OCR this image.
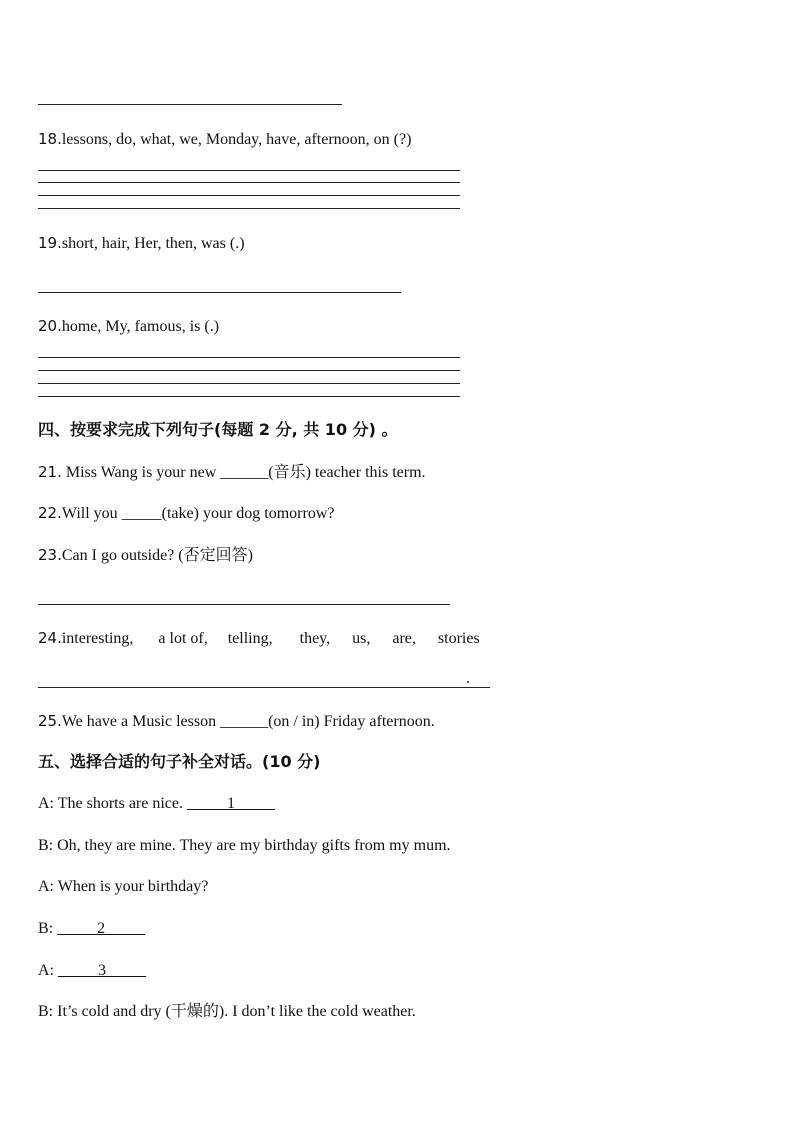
18.lessons, do, what, we, Monday, have, afternoon, on (?)
19.short, hair, Her, then, was (.)
20.home, My, famous, is (.)
四、按要求完成下列句子(每题 2 分, 共 10 分) 。
21. Miss Wang is your new ______(音乐) teacher this term.
22.Will you _____(take) your dog tomorrow?
23.Can I go outside? (否定回答)
24.interesting, a lot of, telling, they, us, are, stories
.
25.We have a Music lesson ______(on / in) Friday afternoon.
五、选择合适的句子补全对话。(10 分)
A: The shorts are nice. _____1_____
B: Oh, they are mine. They are my birthday gifts from my mum.
A: When is your birthday?
B: _____2_____
A: _____3_____
B: It’s cold and dry (干燥的). I don’t like the cold weather.
